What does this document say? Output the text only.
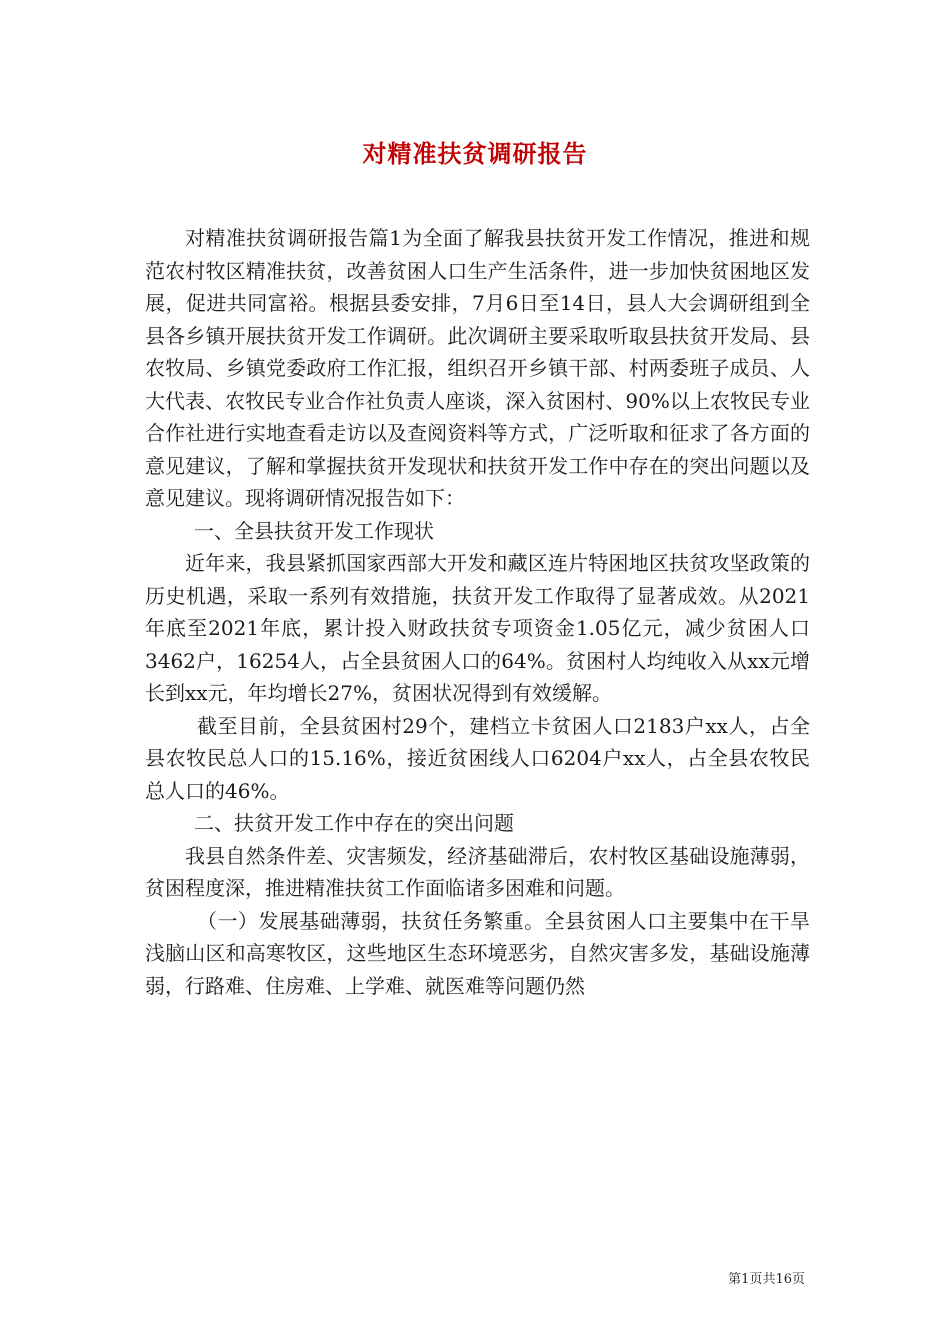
对精准扶贫调研报告

对精准扶贫调研报告篇1为全面了解我县扶贫开发工作情况，推进和规范农村牧区精准扶贫，改善贫困人口生产生活条件，进一步加快贫困地区发展，促进共同富裕。根据县委安排，7月6日至14日，县人大会调研组到全县各乡镇开展扶贫开发工作调研。此次调研主要采取听取县扶贫开发局、县农牧局、乡镇党委政府工作汇报，组织召开乡镇干部、村两委班子成员、人大代表、农牧民专业合作社负责人座谈，深入贫困村、90%以上农牧民专业合作社进行实地查看走访以及查阅资料等方式，广泛听取和征求了各方面的意见建议，了解和掌握扶贫开发现状和扶贫开发工作中存在的突出问题以及意见建议。现将调研情况报告如下：

一、全县扶贫开发工作现状

近年来，我县紧抓国家西部大开发和藏区连片特困地区扶贫攻坚政策的历史机遇，采取一系列有效措施，扶贫开发工作取得了显著成效。从2021年底至2021年底，累计投入财政扶贫专项资金1.05亿元，减少贫困人口3462户，16254人，占全县贫困人口的64%。贫困村人均纯收入从xx元增长到xx元，年均增长27%，贫困状况得到有效缓解。

截至目前，全县贫困村29个，建档立卡贫困人口2183户xx人，占全县农牧民总人口的15.16%，接近贫困线人口6204户xx人，占全县农牧民总人口的46%。

二、扶贫开发工作中存在的突出问题

我县自然条件差、灾害频发，经济基础滞后，农村牧区基础设施薄弱，贫困程度深，推进精准扶贫工作面临诸多困难和问题。

（一）发展基础薄弱，扶贫任务繁重。全县贫困人口主要集中在干旱浅脑山区和高寒牧区，这些地区生态环境恶劣，自然灾害多发，基础设施薄弱，行路难、住房难、上学难、就医难等问题仍然

第1页共16页
